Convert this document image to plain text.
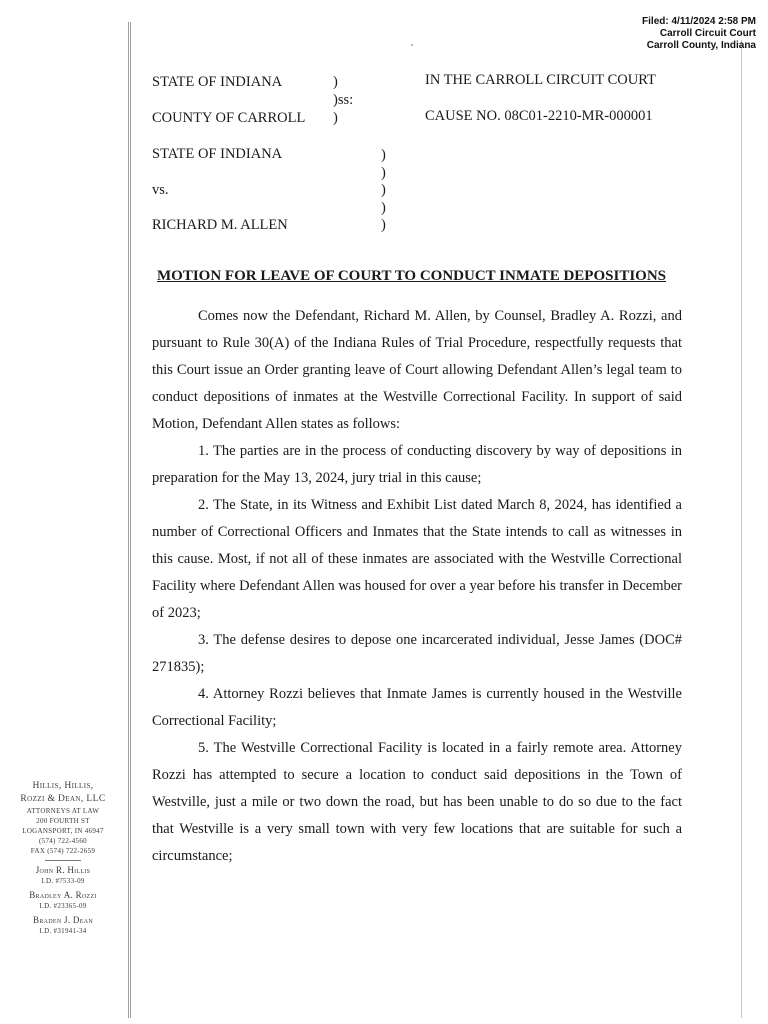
Filed: 4/11/2024 2:58 PM
Carroll Circuit Court
Carroll County, Indiana
STATE OF INDIANA	)
)ss:
COUNTY OF CARROLL )
IN THE CARROLL CIRCUIT COURT
CAUSE NO. 08C01-2210-MR-000001
STATE OF INDIANA
vs.
RICHARD M. ALLEN
)
)
)
)
)
MOTION FOR LEAVE OF COURT TO CONDUCT INMATE DEPOSITIONS

Comes now the Defendant, Richard M. Allen, by Counsel, Bradley A. Rozzi, and pursuant to Rule 30(A) of the Indiana Rules of Trial Procedure, respectfully requests that this Court issue an Order granting leave of Court allowing Defendant Allen’s legal team to conduct depositions of inmates at the Westville Correctional Facility. In support of said Motion, Defendant Allen states as follows:

1. The parties are in the process of conducting discovery by way of depositions in preparation for the May 13, 2024, jury trial in this cause;

2. The State, in its Witness and Exhibit List dated March 8, 2024, has identified a number of Correctional Officers and Inmates that the State intends to call as witnesses in this cause. Most, if not all of these inmates are associated with the Westville Correctional Facility where Defendant Allen was housed for over a year before his transfer in December of 2023;

3. The defense desires to depose one incarcerated individual, Jesse James (DOC# 271835);

4. Attorney Rozzi believes that Inmate James is currently housed in the Westville Correctional Facility;

5. The Westville Correctional Facility is located in a fairly remote area. Attorney Rozzi has attempted to secure a location to conduct said depositions in the Town of Westville, just a mile or two down the road, but has been unable to do so due to the fact that Westville is a very small town with very few locations that are suitable for such a circumstance;

Hillis, Hillis,
Rozzi & Dean, LLC
ATTORNEYS AT LAW
200 FOURTH ST
LOGANSPORT, IN 46947
(574) 722-4560
FAX (574) 722-2659
John R. Hillis
I.D. #7533-09
Bradley A. Rozzi
I.D. #23365-09
Braden J. Dean
I.D. #31941-34
